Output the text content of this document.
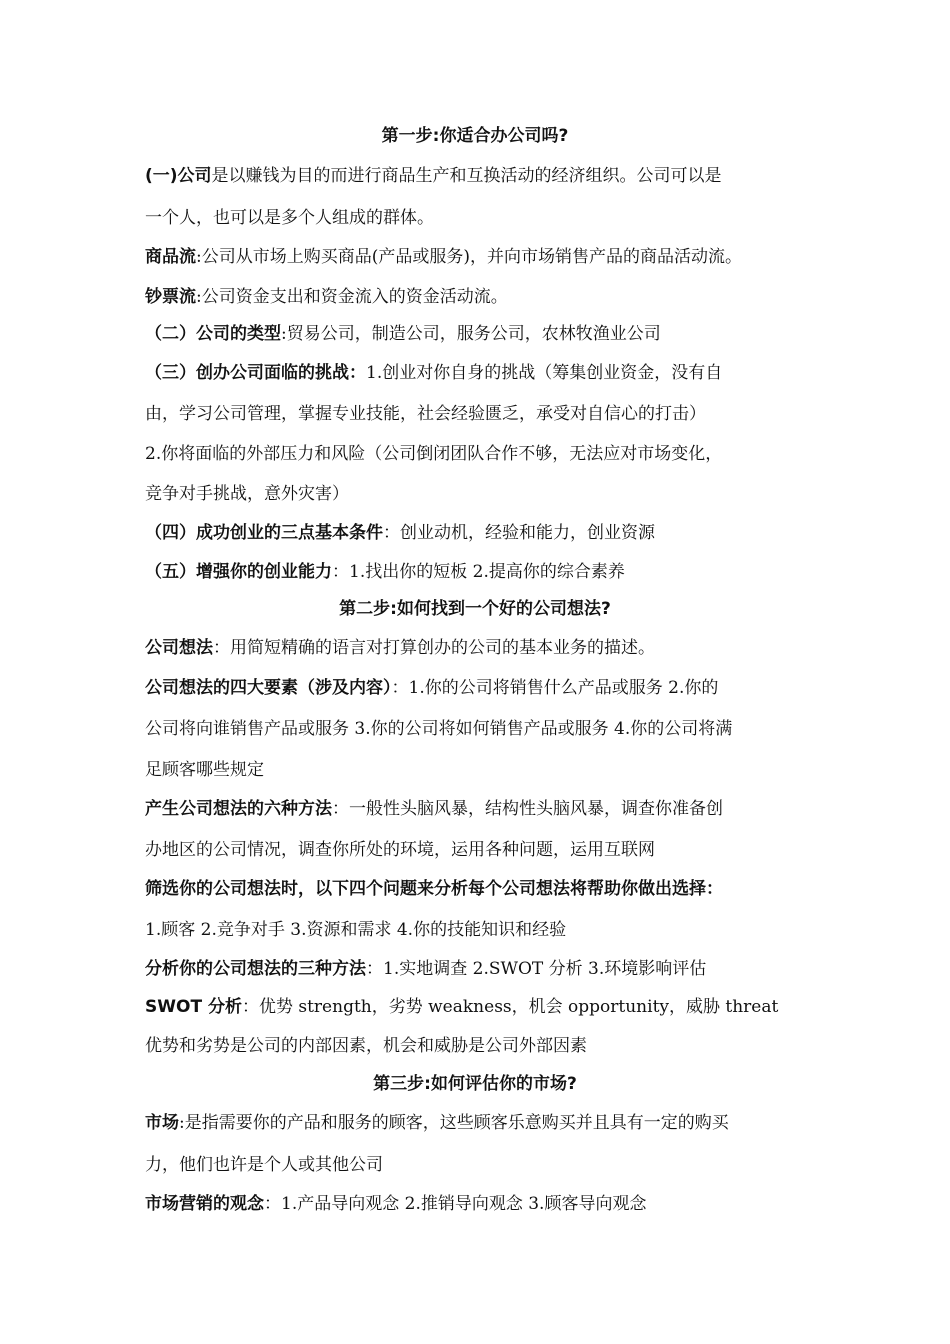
第一步:你适合办公司吗?
(一)公司是以赚钱为目的而进行商品生产和互换活动的经济组织。公司可以是
一个人，也可以是多个人组成的群体。
商品流:公司从市场上购买商品(产品或服务)，并向市场销售产品的商品活动流。
钞票流:公司资金支出和资金流入的资金活动流。
（二）公司的类型:贸易公司，制造公司，服务公司，农林牧渔业公司
（三）创办公司面临的挑战：1.创业对你自身的挑战（筹集创业资金，没有自
由，学习公司管理，掌握专业技能，社会经验匮乏，承受对自信心的打击）
2.你将面临的外部压力和风险（公司倒闭团队合作不够，无法应对市场变化，
竞争对手挑战，意外灾害）
（四）成功创业的三点基本条件：创业动机，经验和能力，创业资源
（五）增强你的创业能力：1.找出你的短板 2.提高你的综合素养
第二步:如何找到一个好的公司想法?
公司想法：用简短精确的语言对打算创办的公司的基本业务的描述。
公司想法的四大要素（涉及内容）：1.你的公司将销售什么产品或服务 2.你的
公司将向谁销售产品或服务 3.你的公司将如何销售产品或服务 4.你的公司将满
足顾客哪些规定
产生公司想法的六种方法：一般性头脑风暴，结构性头脑风暴，调查你准备创
办地区的公司情况，调查你所处的环境，运用各种问题，运用互联网
筛选你的公司想法时，以下四个问题来分析每个公司想法将帮助你做出选择：
1.顾客 2.竞争对手 3.资源和需求 4.你的技能知识和经验
分析你的公司想法的三种方法：1.实地调查 2.SWOT 分析 3.环境影响评估
SWOT 分析：优势 strength，劣势 weakness，机会 opportunity，威胁 threat
优势和劣势是公司的内部因素，机会和威胁是公司外部因素
第三步:如何评估你的市场?
市场:是指需要你的产品和服务的顾客，这些顾客乐意购买并且具有一定的购买
力，他们也许是个人或其他公司
市场营销的观念：1.产品导向观念 2.推销导向观念 3.顾客导向观念
